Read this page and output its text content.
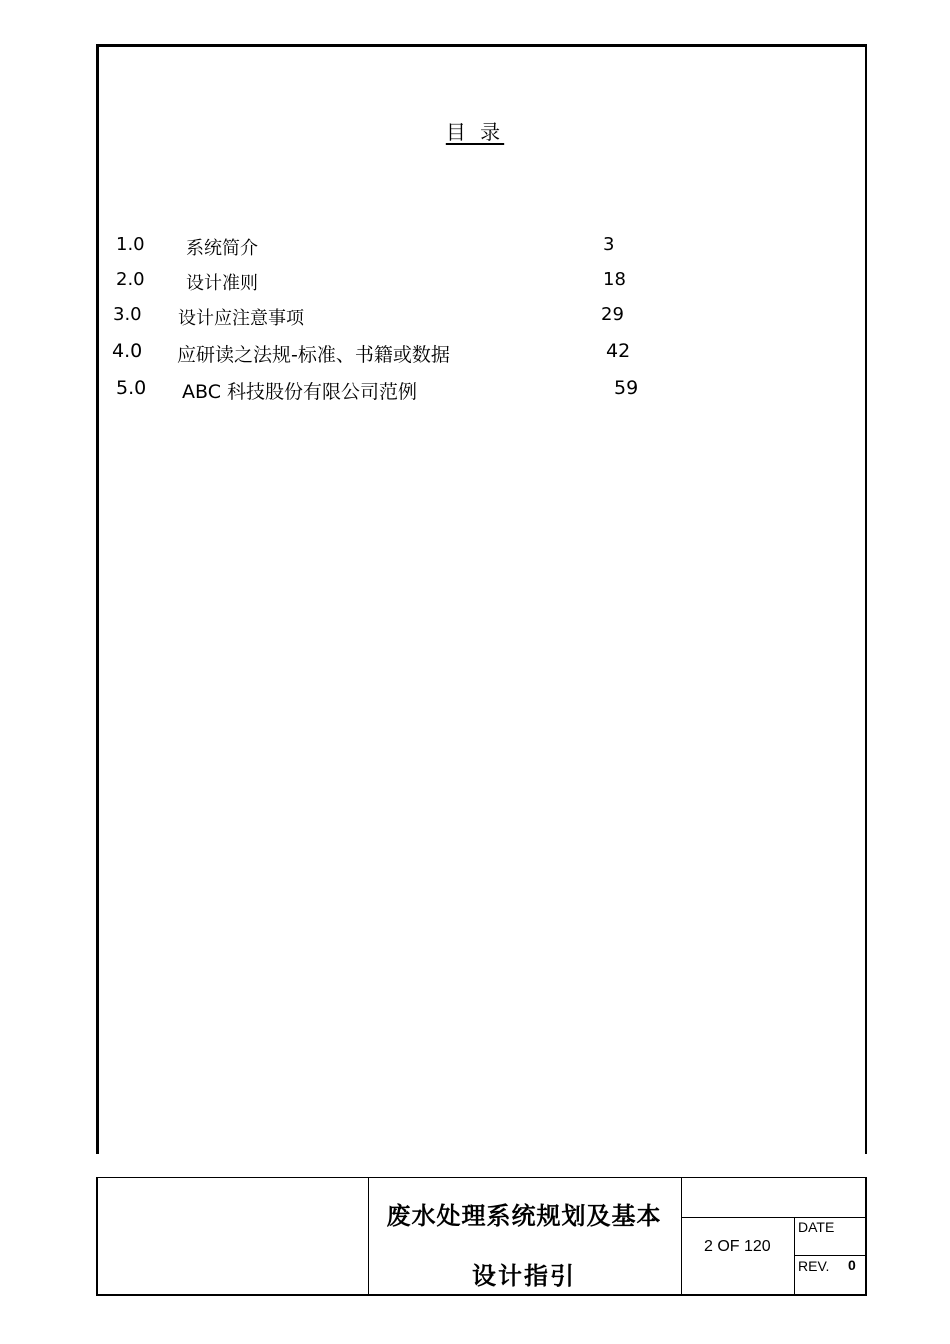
目 录
1.0 系统简介	3
2.0 设计准则	18
3.0 设计应注意事项	29
4.0 应研读之法规-标准、书籍或数据	42
5.0 ABC 科技股份有限公司范例	59
废水处理系统规划及基本
设计指引
2 OF 120
DATE
REV. 0
